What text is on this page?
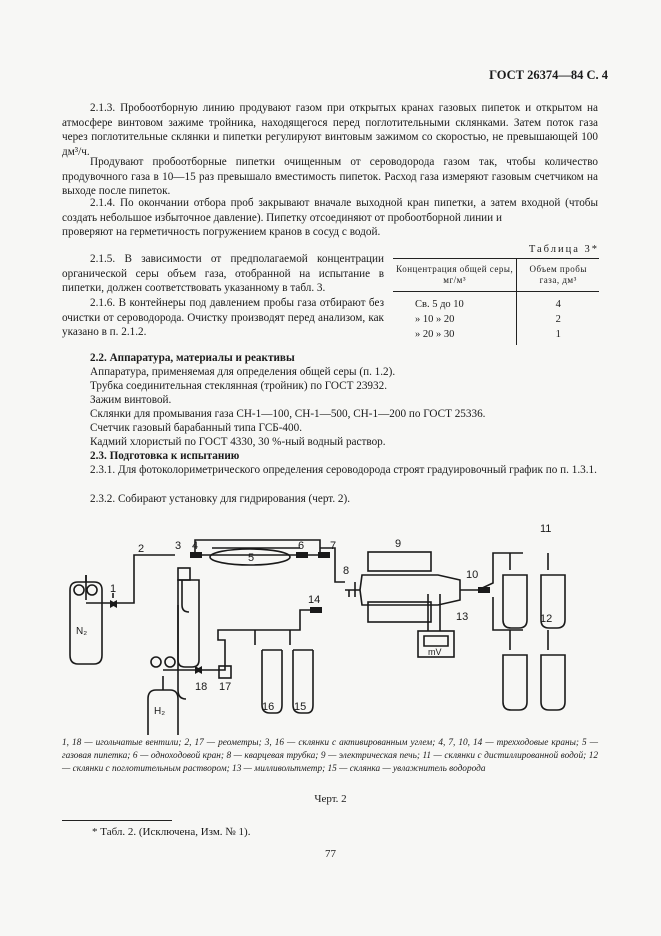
ГОСТ 26374—84 С. 4
2.1.3. Пробоотборную линию продувают газом при открытых кранах газовых пипеток и открытом на атмосфере винтовом зажиме тройника, находящегося перед поглотительными склянками. Затем поток газа через поглотительные склянки и пипетки регулируют винтовым зажимом со скоростью, не превышающей 100 дм³/ч.
Продувают пробоотборные пипетки очищенным от сероводорода газом так, чтобы количество продувочного газа в 10—15 раз превышало вместимость пипеток. Расход газа измеряют газовым счетчиком на выходе после пипеток.
2.1.4. По окончании отбора проб закрывают вначале выходной кран пипетки, а затем входной (чтобы создать небольшое избыточное давление). Пипетку отсоединяют от пробоотборной линии и
проверяют на герметичность погружением кранов в сосуд с водой.
2.1.5. В зависимости от предполагаемой концентрации органической серы объем газа, отобранной на испытание в пипетки, должен соответствовать указанному в табл. 3.
2.1.6. В контейнеры под давлением пробы газа отбирают без очистки от сероводорода. Очистку производят перед анализом, как указано в п. 2.1.2.
Таблица 3*
Концентрация общей серы, мг/м³	Объем пробы газа, дм³
Св. 5 до 10	4
» 10 » 20	2
» 20 » 30	1
2.2. Аппаратура, материалы и реактивы
Аппаратура, применяемая для определения общей серы (п. 1.2).
Трубка соединительная стеклянная (тройник) по ГОСТ 23932.
Зажим винтовой.
Склянки для промывания газа СН-1—100, СН-1—500, СН-1—200 по ГОСТ 25336.
Счетчик газовый барабанный типа ГСБ-400.
Кадмий хлористый по ГОСТ 4330, 30 %-ный водный раствор.
2.3. Подготовка к испытанию
2.3.1. Для фотоколориметрического определения сероводорода строят градуировочный график по п. 1.3.1.
2.3.2. Собирают установку для гидрирования (черт. 2).
1
2	3 4
5
6 7
8
9
10
11
12
13
14
15
16
17
18
N₂
H₂
mV
1, 18 — игольчатые вентили; 2, 17 — реометры; 3, 16 — склянки с активированным углем; 4, 7, 10, 14 — трехходовые краны; 5 — газовая пипетка; 6 — одноходовой кран; 8 — кварцевая трубка; 9 — электрическая печь; 11 — склянки с дистиллированной водой; 12 — склянки с поглотительным раствором; 13 — милливольтметр; 15 — склянка — увлажнитель водорода
Черт. 2
* Табл. 2. (Исключена, Изм. № 1).
77
